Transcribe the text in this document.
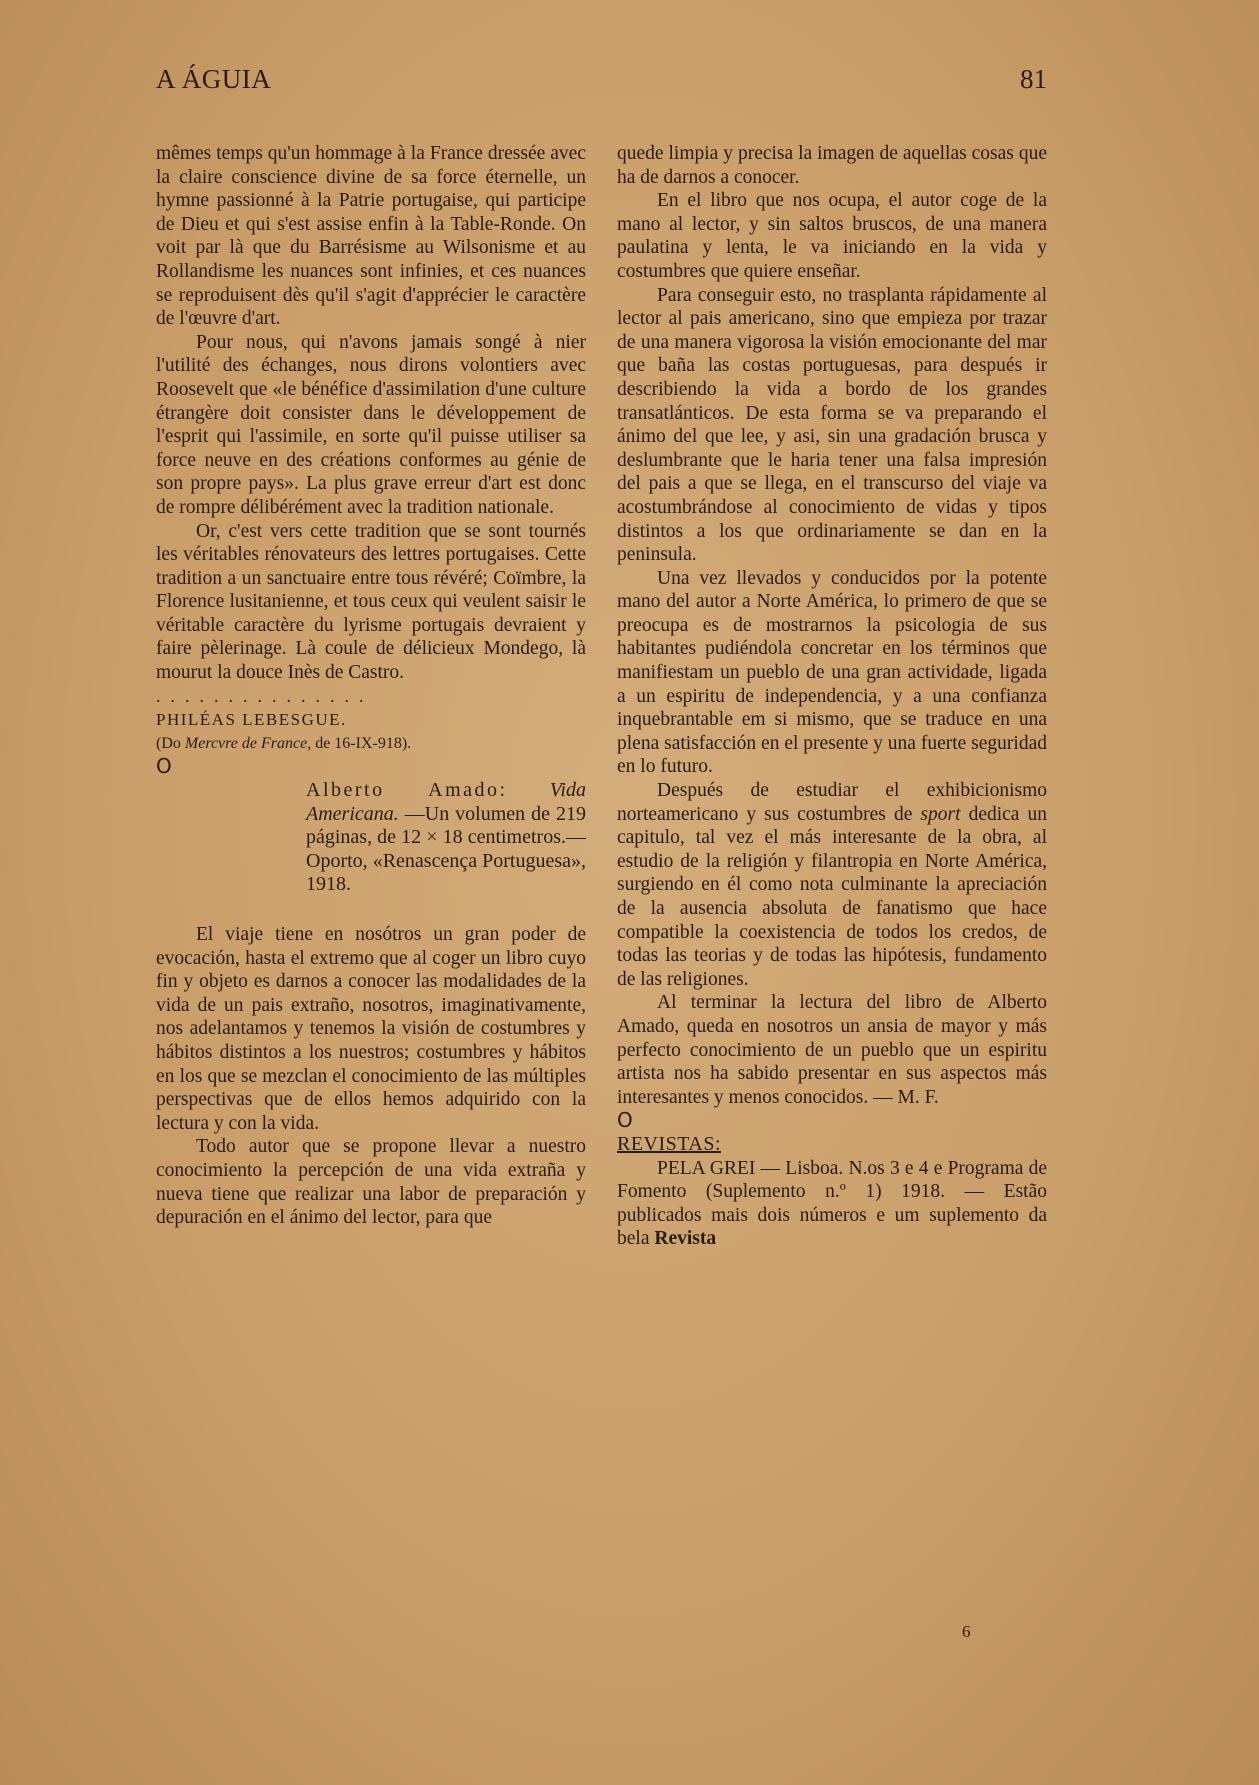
A ÁGUIA	81

mêmes temps qu'un hommage à la France dressée avec la claire conscience divine de sa force éternelle, un hymne passionné à la Patrie portugaise, qui participe de Dieu et qui s'est assise enfin à la Table-Ronde. On voit par là que du Barrésisme au Wilsonisme et au Rollandisme les nuances sont infinies, et ces nuances se reproduisent dès qu'il s'agit d'apprécier le caractère de l'œuvre d'art.

Pour nous, qui n'avons jamais songé à nier l'utilité des échanges, nous dirons volontiers avec Roosevelt que «le bénéfice d'assimilation d'une culture étrangère doit consister dans le développement de l'esprit qui l'assimile, en sorte qu'il puisse utiliser sa force neuve en des créations conformes au génie de son propre pays». La plus grave erreur d'art est donc de rompre délibérément avec la tradition nationale.

Or, c'est vers cette tradition que se sont tournés les véritables rénovateurs des lettres portugaises. Cette tradition a un sanctuaire entre tous révéré; Coïmbre, la Florence lusitanienne, et tous ceux qui veulent saisir le véritable caractère du lyrisme portugais devraient y faire pèlerinage. Là coule de délicieux Mondego, là mourut la douce Inès de Castro.

...............

PHILÉAS LEBESGUE.

(Do Mercvre de France, de 16-IX-918).

O

Alberto Amado: Vida Americana. —Un volumen de 219 páginas, de 12 × 18 centimetros.— Oporto, «Renascença Portuguesa», 1918.

El viaje tiene en nosótros un gran poder de evocación, hasta el extremo que al coger un libro cuyo fin y objeto es darnos a conocer las modalidades de la vida de un pais extraño, nosotros, imaginativamente, nos adelantamos y tenemos la visión de costumbres y hábitos distintos a los nuestros; costumbres y hábitos en los que se mezclan el conocimiento de las múltiples perspectivas que de ellos hemos adquirido con la lectura y con la vida.

Todo autor que se propone llevar a nuestro conocimiento la percepción de una vida extraña y nueva tiene que realizar una labor de preparación y depuración en el ánimo del lector, para que

quede limpia y precisa la imagen de aquellas cosas que ha de darnos a conocer.

En el libro que nos ocupa, el autor coge de la mano al lector, y sin saltos bruscos, de una manera paulatina y lenta, le va iniciando en la vida y costumbres que quiere enseñar.

Para conseguir esto, no trasplanta rápidamente al lector al pais americano, sino que empieza por trazar de una manera vigorosa la visión emocionante del mar que baña las costas portuguesas, para después ir describiendo la vida a bordo de los grandes transatlánticos. De esta forma se va preparando el ánimo del que lee, y asi, sin una gradación brusca y deslumbrante que le haria tener una falsa impresión del pais a que se llega, en el transcurso del viaje va acostumbrándose al conocimiento de vidas y tipos distintos a los que ordinariamente se dan en la peninsula.

Una vez llevados y conducidos por la potente mano del autor a Norte América, lo primero de que se preocupa es de mostrarnos la psicologia de sus habitantes pudiéndola concretar en los términos que manifiestam un pueblo de una gran actividade, ligada a un espiritu de independencia, y a una confianza inquebrantable em si mismo, que se traduce en una plena satisfacción en el presente y una fuerte seguridad en lo futuro.

Después de estudiar el exhibicionismo norteamericano y sus costumbres de sport dedica un capitulo, tal vez el más interesante de la obra, al estudio de la religión y filantropia en Norte América, surgiendo en él como nota culminante la apreciación de la ausencia absoluta de fanatismo que hace compatible la coexistencia de todos los credos, de todas las teorias y de todas las hipótesis, fundamento de las religiones.

Al terminar la lectura del libro de Alberto Amado, queda en nosotros un ansia de mayor y más perfecto conocimiento de un pueblo que un espiritu artista nos ha sabido presentar en sus aspectos más interesantes y menos conocidos. — M. F.

O

REVISTAS:

PELA GREI — Lisboa. N.os 3 e 4 e Programa de Fomento (Suplemento n.º 1) 1918. — Estão publicados mais dois números e um suplemento da bela Revista

6
